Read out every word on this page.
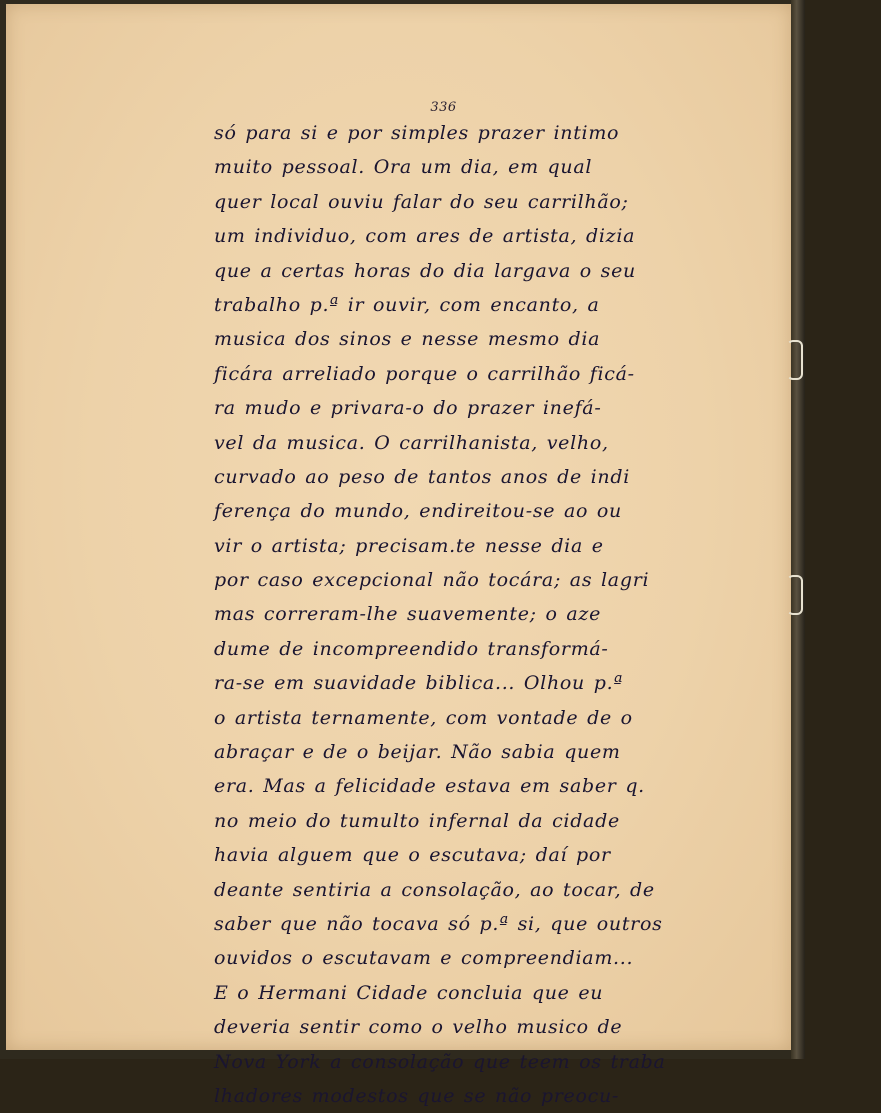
336
só para si e por simples prazer intimo
muito pessoal. Ora um dia, em qual
quer local ouviu falar do seu carrilhão;
um individuo, com ares de artista, dizia
que a certas horas do dia largava o seu
trabalho p.ª ir ouvir, com encanto, a
musica dos sinos e nesse mesmo dia
ficára arreliado porque o carrilhão ficá-
ra mudo e privara-o do prazer inefá-
vel da musica. O carrilhanista, velho,
curvado ao peso de tantos anos de indi
ferença do mundo, endireitou-se ao ou
vir o artista; precisam.te nesse dia e
por caso excepcional não tocára; as lagri
mas correram-lhe suavemente; o aze
dume de incompreendido transformá-
ra-se em suavidade biblica... Olhou p.ª
o artista ternamente, com vontade de o
abraçar e de o beijar. Não sabia quem
era. Mas a felicidade estava em saber q.
no meio do tumulto infernal da cidade
havia alguem que o escutava; daí por
deante sentiria a consolação, ao tocar, de
saber que não tocava só p.ª si, que outros
ouvidos o escutavam e compreendiam...
E o Hermani Cidade concluia que eu
deveria sentir como o velho musico de
Nova York a consolação que teem os traba
lhadores modestos que se não preocu-
